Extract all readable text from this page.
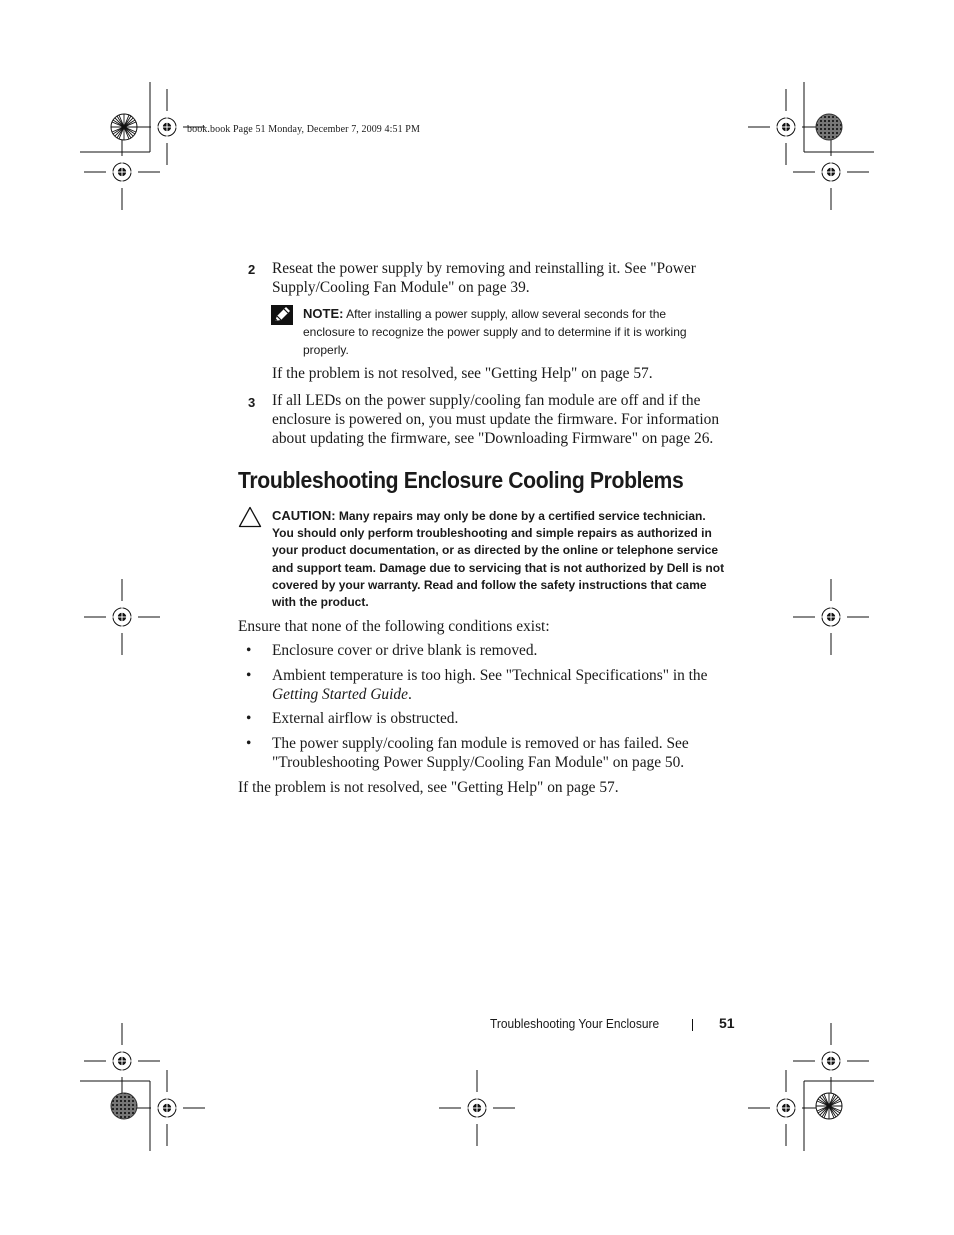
book.book Page 51 Monday, December 7, 2009 4:51 PM
2 Reseat the power supply by removing and reinstalling it. See "Power
Supply/Cooling Fan Module" on page 39.
NOTE: After installing a power supply, allow several seconds for the
enclosure to recognize the power supply and to determine if it is working
properly.
If the problem is not resolved, see "Getting Help" on page 57.
3 If all LEDs on the power supply/cooling fan module are off and if the
enclosure is powered on, you must update the firmware. For information
about updating the firmware, see "Downloading Firmware" on page 26.
Troubleshooting Enclosure Cooling Problems
CAUTION: Many repairs may only be done by a certified service technician.
You should only perform troubleshooting and simple repairs as authorized in
your product documentation, or as directed by the online or telephone service
and support team. Damage due to servicing that is not authorized by Dell is not
covered by your warranty. Read and follow the safety instructions that came
with the product.
Ensure that none of the following conditions exist:
• Enclosure cover or drive blank is removed.
• Ambient temperature is too high. See "Technical Specifications" in the
Getting Started Guide.
• External airflow is obstructed.
• The power supply/cooling fan module is removed or has failed. See
"Troubleshooting Power Supply/Cooling Fan Module" on page 50.
If the problem is not resolved, see "Getting Help" on page 57.
Troubleshooting Your Enclosure	51
